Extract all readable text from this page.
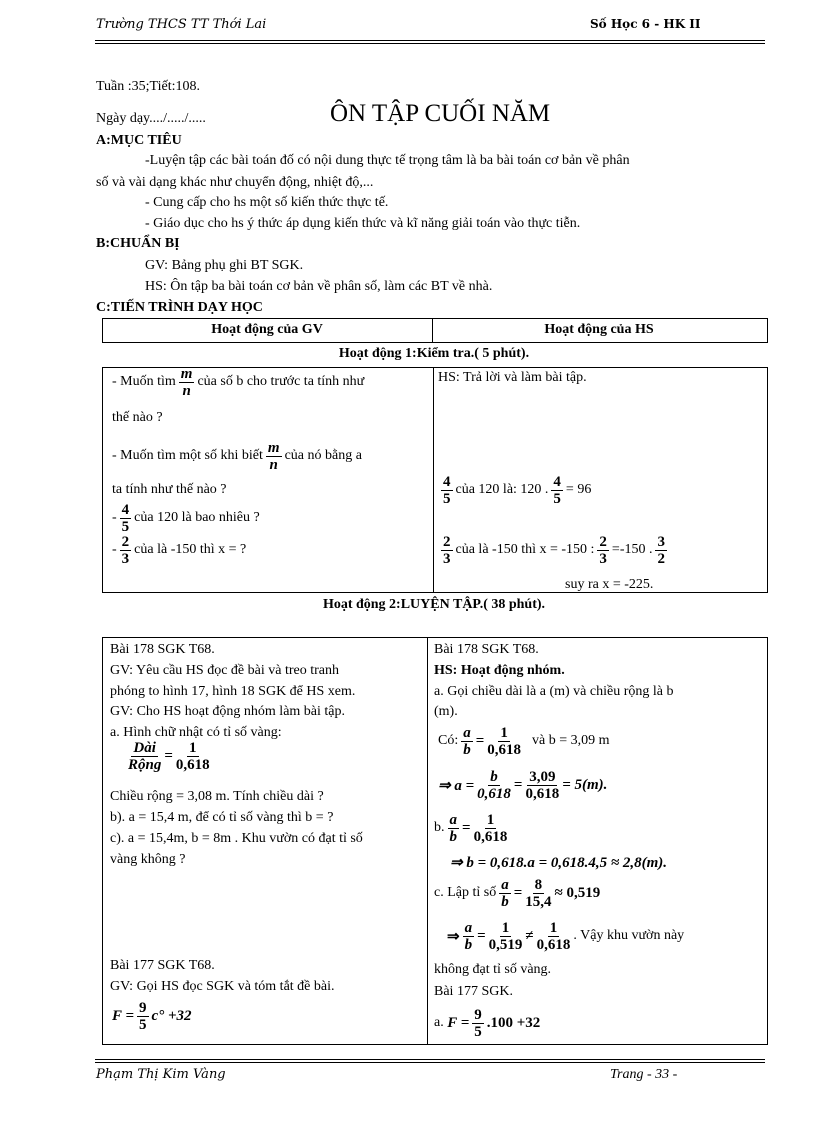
Trường THCS TT Thới Lai	Số Học 6 - HK II
Tuần :35;Tiết:108.
Ngày dạy..../...../.....	ÔN TẬP CUỐI NĂM
A:MỤC TIÊU
-Luyện tập các bài toán đố có nội dung thực tế trọng tâm là ba bài toán cơ bản về phân
số và vài dạng khác như chuyển động, nhiệt độ,...
- Cung cấp cho hs một số kiến thức thực tế.
- Giáo dục cho hs ý thức áp dụng kiến thức và kĩ năng giải toán vào thực tiễn.
B:CHUẨN BỊ
GV: Bảng phụ ghi BT SGK.
HS: Ôn tập ba bài toán cơ bản về phân số, làm các BT về nhà.
C:TIẾN TRÌNH DẠY HỌC
Hoạt động của GV	Hoạt động của HS
Hoạt động 1:Kiểm tra.( 5 phút).
- Muốn tìm m
n
của số b cho trước ta tính như
thế nào ?
- Muốn tìm một số khi biết m
n
của nó bằng a
ta tính như thế nào ?
- 4
5
của 120 là bao nhiêu ?
- 2
3
của là -150 thì x = ?
HS: Trả lời và làm bài tập.
4
5
của 120 là: 120 . $\frac{4}{5} = 96$
2
3
của là -150 thì x = -150 : $\frac{2}{3} =-150$ . 3
2
suy ra x = -225.
Hoạt động 2:LUYỆN TẬP.( 38 phút).
Bài 178 SGK T68.
GV: Yêu cầu HS đọc đề bài và treo tranh
phóng to hình 17, hình 18 SGK để HS xem.
GV: Cho HS hoạt động nhóm làm bài tập.
a. Hình chữ nhật có tỉ số vàng:
Dài
Rộng
= $\frac{1}{0,618}$
Chiều rộng = 3,08 m. Tính chiều dài ?
b). a = 15,4 m, để có tỉ số vàng thì b = ?
c). a = 15,4m, b = 8m . Khu vườn có đạt tỉ số
vàng không ?
Bài 177 SGK T68.
GV: Gọi HS đọc SGK và tóm tắt đề bài.
$F = \frac{9}{5} c^\circ +32$
Bài 178 SGK T68.
HS: Hoạt động nhóm.
a. Gọi chiều dài là a (m) và chiều rộng là b
(m).
Có: $\frac{a}{b} = \frac{1}{0,618}$ và b = 3,09 m
⇒ $a = \frac{b}{0,618} = \frac{3,09}{0,618} = 5(m)$.
b. $\frac{a}{b} = \frac{1}{0,618}$
⇒ b = 0,618.a = 0,618.4,5 ≈ 2,8(m).
c. Lập tỉ số $\frac{a}{b} = \frac{8}{15,4} \approx 0,519$
⇒ $\frac{a}{b} = \frac{1}{0,519} \ne 1$
0,618
. Vậy khu vườn này
không đạt tỉ số vàng.
Bài 177 SGK.
a.
$F = \frac{9}{5} .100 +32$
Phạm Thị Kim Vàng	Trang - 33 -
